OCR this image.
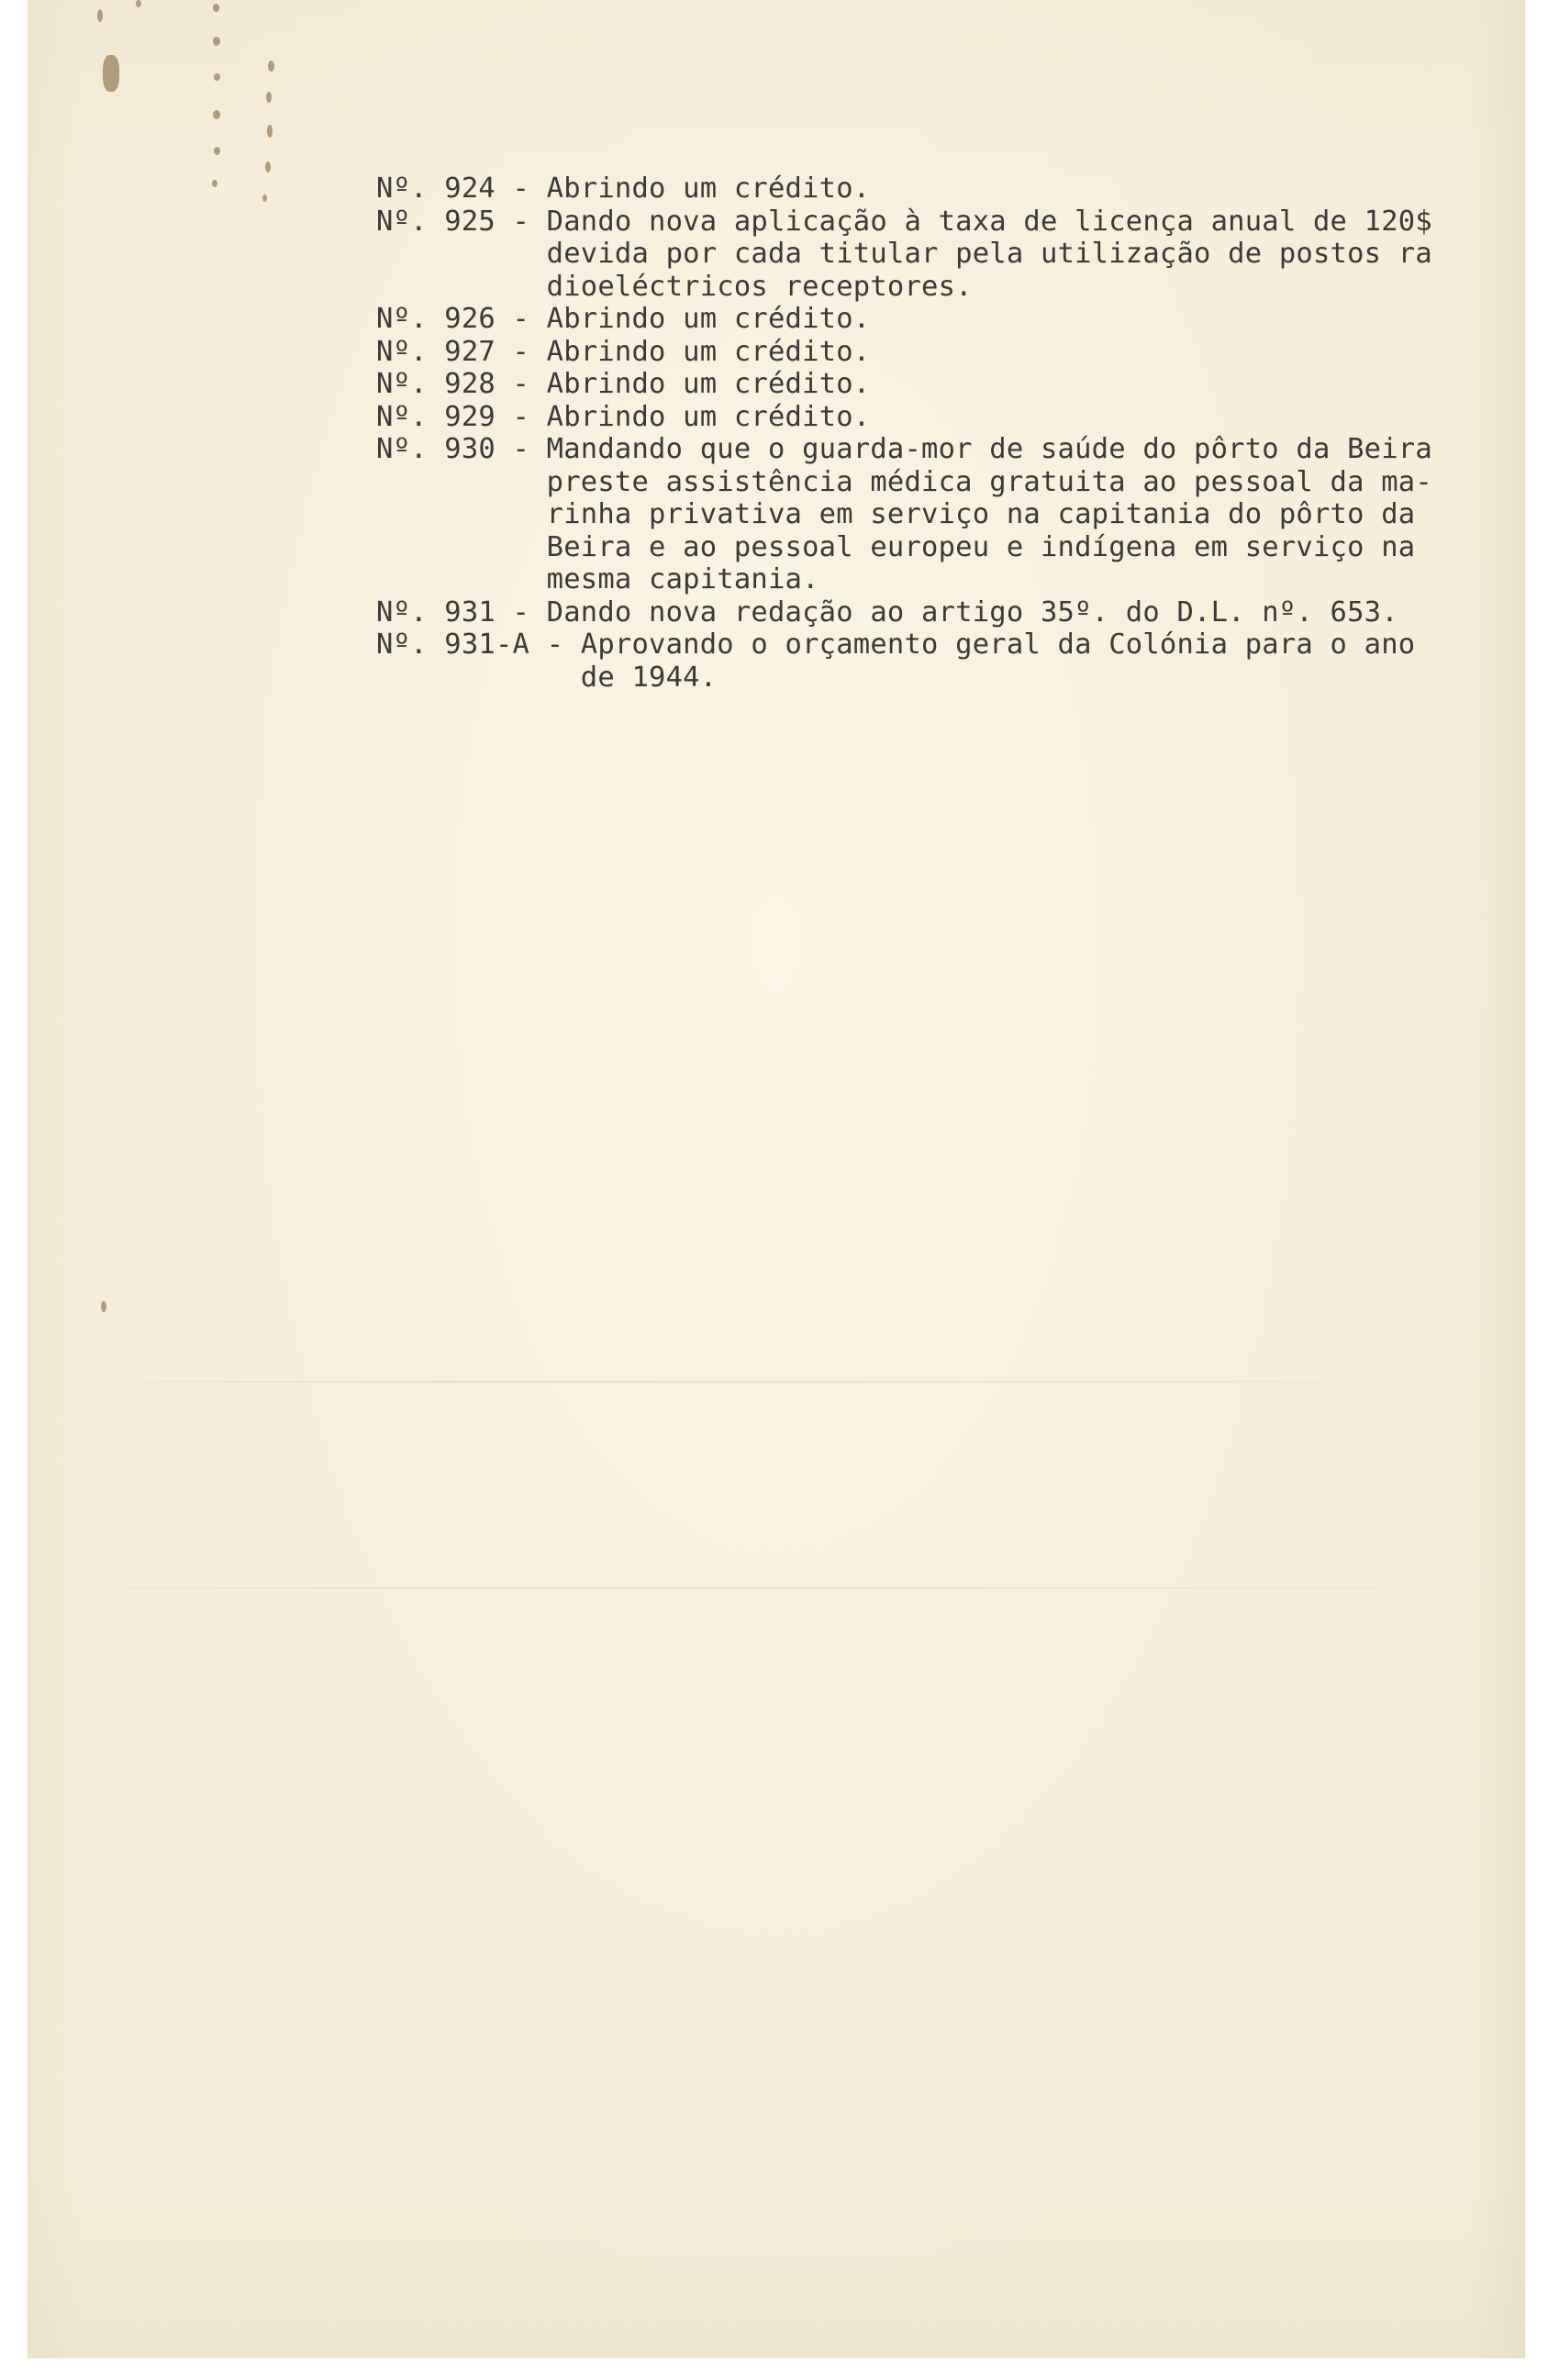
Nº. 924 - Abrindo um crédito.
Nº. 925 - Dando nova aplicação à taxa de licença anual de 120$
devida por cada titular pela utilização de postos ra
dioeléctricos receptores.
Nº. 926 - Abrindo um crédito.
Nº. 927 - Abrindo um crédito.
Nº. 928 - Abrindo um crédito.
Nº. 929 - Abrindo um crédito.
Nº. 930 - Mandando que o guarda-mor de saúde do pôrto da Beira
preste assistência médica gratuita ao pessoal da ma-
rinha privativa em serviço na capitania do pôrto da
Beira e ao pessoal europeu e indígena em serviço na
mesma capitania.
Nº. 931 - Dando nova redação ao artigo 35º. do D.L. nº. 653.
Nº. 931-A - Aprovando o orçamento geral da Colónia para o ano
de 1944.
